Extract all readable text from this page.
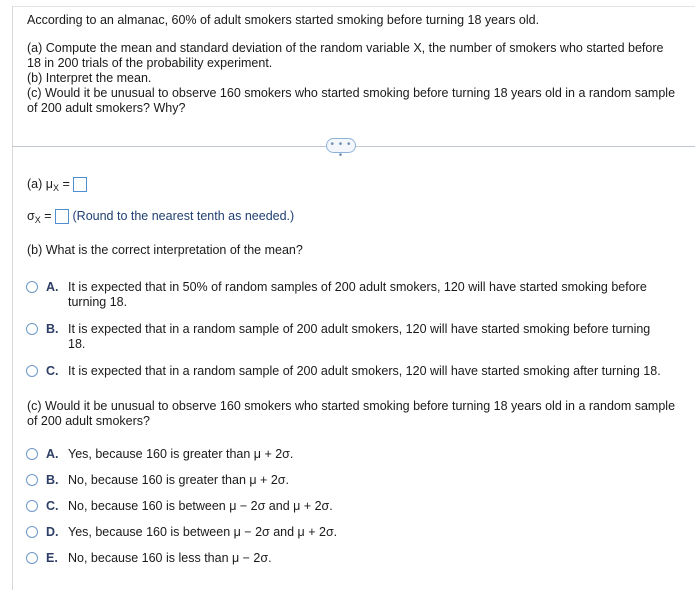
According to an almanac, 60% of adult smokers started smoking before turning 18 years old.
(a) Compute the mean and standard deviation of the random variable X, the number of smokers who started before
18 in 200 trials of the probability experiment.
(b) Interpret the mean.
(c) Would it be unusual to observe 160 smokers who started smoking before turning 18 years old in a random sample
of 200 adult smokers? Why?
• • • •
(a) $\mu_X$ =
$\sigma_X$ = (Round to the nearest tenth as needed.)
(b) What is the correct interpretation of the mean?
A. It is expected that in 50% of random samples of 200 adult smokers, 120 will have started smoking before
turning 18.
B. It is expected that in a random sample of 200 adult smokers, 120 will have started smoking before turning
18.
C. It is expected that in a random sample of 200 adult smokers, 120 will have started smoking after turning 18.
(c) Would it be unusual to observe 160 smokers who started smoking before turning 18 years old in a random sample
of 200 adult smokers?
A. Yes, because 160 is greater than μ + 2σ.
B. No, because 160 is greater than μ + 2σ.
C. No, because 160 is between μ − 2σ and μ + 2σ.
D. Yes, because 160 is between μ − 2σ and μ + 2σ.
E. No, because 160 is less than μ − 2σ.
